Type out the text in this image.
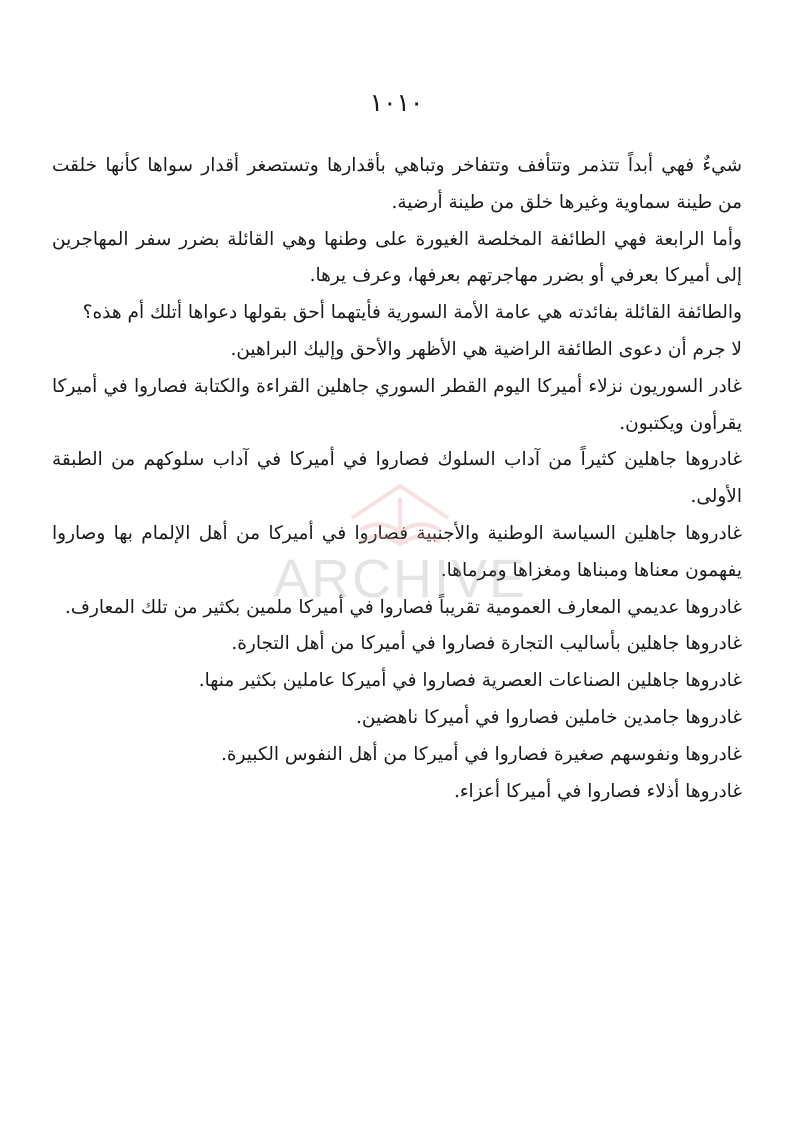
١٠١٠

شيءٌ فهي أبداً تتذمر وتتأفف وتتفاخر وتباهي بأقدارها وتستصغر أقدار سواها كأنها خلقت من طينة سماوية وغيرها خلق من طينة أرضية.

وأما الرابعة فهي الطائفة المخلصة الغيورة على وطنها وهي القائلة بضرر سفر المهاجرين إلى أميركا بعرفي أو بضرر مهاجرتهم بعرفها، وعرف يرها.

والطائفة القائلة بفائدته هي عامة الأمة السورية فأيتهما أحق بقولها دعواها أتلك أم هذه؟

لا جرم أن دعوى الطائفة الراضية هي الأظهر والأحق وإليك البراهين.

غادر السوريون نزلاء أميركا اليوم القطر السوري جاهلين القراءة والكتابة فصاروا في أميركا يقرأون ويكتبون.

غادروها جاهلين كثيراً من آداب السلوك فصاروا في أميركا في آداب سلوكهم من الطبقة الأولى.

غادروها جاهلين السياسة الوطنية والأجنبية فصاروا في أميركا من أهل الإلمام بها وصاروا يفهمون معناها ومبناها ومغزاها ومرماها.

غادروها عديمي المعارف العمومية تقريباً فصاروا في أميركا ملمين بكثير من تلك المعارف.

غادروها جاهلين بأساليب التجارة فصاروا في أميركا من أهل التجارة.

غادروها جاهلين الصناعات العصرية فصاروا في أميركا عاملين بكثير منها.

غادروها جامدين خاملين فصاروا في أميركا ناهضين.

غادروها ونفوسهم صغيرة فصاروا في أميركا من أهل النفوس الكبيرة.

غادروها أذلاء فصاروا في أميركا أعزاء.

ARCHIVE
